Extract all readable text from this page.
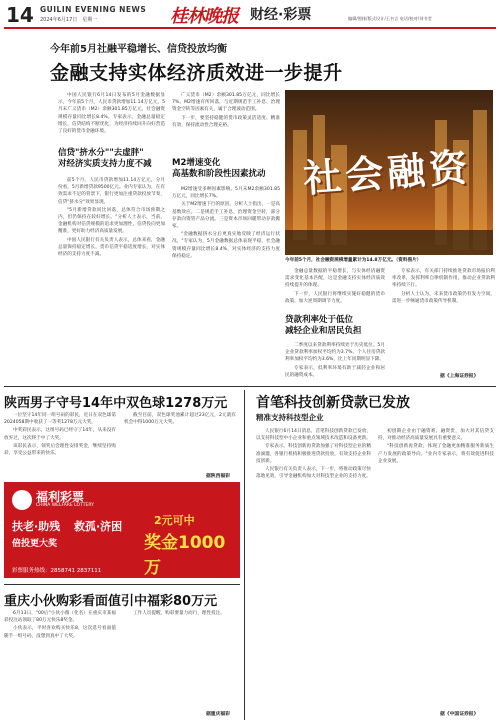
14 GUILIN EVENING NEWS
2024年6月17日　星期一	桂林晚报 财经·彩票	编辑/照排/版式设计/王书言 电话/校对/刘书莹
今年前5月社融平稳增长、信贷投放均衡
金融支持实体经济质效进一步提升

中国人民银行6月14日发布的5月金融数据显示，今年前5个月，人民币贷款增加11.14万亿元，5月末广义货币（M2）余额301.85万亿元，社会融资规模存量同比增长8.4%。专家表示，金融总量稳定增长，信贷结构不断优化，为经济持续回升向好营造了良好的货币金融环境。

信贷"挤水分""去虚胖"
对经济实质支持力度不减

前5个月，人民币贷款增加11.14万亿元，分月份看，5月新增贷款9500亿元。业内专家认为，在有效需求不足的背景下，银行更加注重贷款投放节奏，信贷"挤水分"效果显现。

"5月新增贷款同比回落，总体符合市场预期之内，但仍保持在较好增长。"分析人士表示，当前，金融机构对信贷规模的追求更加理性，信贷投向更加精准，更好助力经济高质量发展。

中国人民银行有关负责人表示，总体来看，金融总量保持稳定增长，货币信贷平稳适度增长，对实体经济的支持力度不减。

广义货币（M2）余额301.85万亿元，同比增长7%。M2增速有所回落，与近期规范手工补息、治理资金空转等因素有关，属于合理波动范围。

下一步，要坚持稳健的货币政策灵活适度、精准有效，保持流动性合理充裕。

M2增速变化
高基数和阶段性因素扰动

M2增速受多种因素影响。5月末M2余额301.85万亿元，同比增长7%。

关于M2增速下行的原因，分析人士指出，一是高基数效应。二是规范手工补息，治理资金空转，部分存款向资管产品分流。三是资本市场回暖带动存款搬家。

"金融数据挤水分后更真实地反映了经济运行状况。"专家认为，5月金融数据总体表现平稳，社会融资规模存量同比增长8.4%，对实体经济的支持力度保持稳定。

社会融资
今年前5个月，社会融资规模增量累计为14.8万亿元。（资料图片）

金融总量数据的平稳增长，与实体经济融资需求变化基本匹配，这是金融支持实体经济质效持续提升的体现。

下一步，人民银行将继续实施好稳健的货币政策，加大逆周期调节力度。

贷款利率处于低位
减轻企业和居民负担

二季度以来贷款利率持续处于历史低位。5月企业贷款利率加权平均约为3.7%，个人住房贷款利率加权平均约为3.6%，比上年同期明显下降。

专家表示，低利率环境有助于减轻企业和居民的融资成本。

专家表示，有关部门持续推进贷款市场报价利率改革，发挥利率自律机制作用，推动企业贷款利率持续下行。

分析人士认为，未来货币政策仍有发力空间，需进一步畅通货币政策传导机制。

据《上海证券报》
陕西男子守号14年中双色球1278万元

一位坚守14年同一组号码的彩民，近日在双色球第2024058期中收获了一等奖1278万元大奖。

中奖彩民表示，这组号码已经守了14年，从来没有放弃过，这次终于中了大奖。

该彩民表示，领奖后会理性安排奖金，继续坚持购彩，享受公益带来的快乐。

截至目前，双色球奖池累计超过23亿元，2元就有机会中得1000万元大奖。

据陕西福彩
福利彩票
CHINA WELFARE LOTTERY
扶老·助残 救孤·济困	2元可中
奖金1000万
倍投更大奖
彩票服务热线：2858741 2837111
重庆小伙购彩看面值引中福彩80万元

6月13日，"00后"小伙小薇（化名）在重庆市某福彩投注站领取了80万元快乐8奖金。

小伙表示，平时喜欢购买快乐8，这次选号看面值随手一组号码，没想到真中了大奖。

工作人员提醒，购彩要量力而行，理性投注。

据重庆福彩
首笔科技创新贷款已发放
精准支持科技型企业

人民银行6月14日消息，首笔科技创新贷款已发放，以支持科技型中小企业和重点领域技术改造和设备更新。

专家表示，科技创新再贷款加强了对科技型企业的精准滴灌，各银行机构积极推进贷款投放，有效支持企业科技创新。

人民银行有关负责人表示，下一步，将推动政策尽快落地见效，引导金融机构加大对科技型企业的支持力度。

初创期企业由于融资难、融资贵，加大对其信贷支持，对推动经济高质量发展具有重要意义。

"科技创新再贷款，体现了金融更加精准服务新质生产力发展的政策导向。"业内专家表示，将有效促进科技企业发展。

据《中国证券报》
